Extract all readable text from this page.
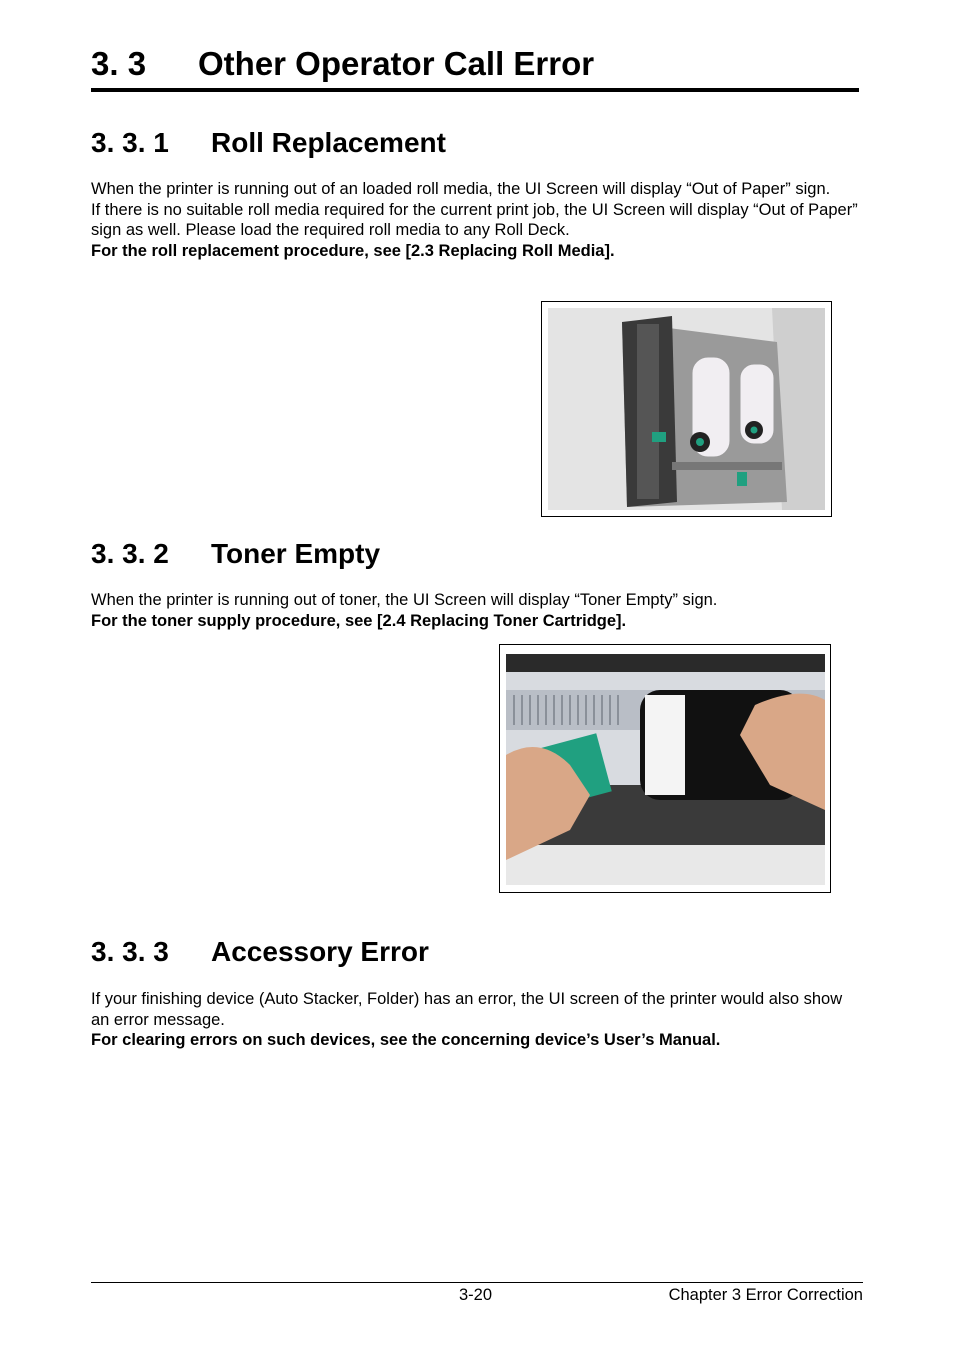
3. 3 Other Operator Call Error
3. 3. 1 Roll Replacement

When the printer is running out of an loaded roll media, the UI Screen will display “Out of Paper” sign.

If there is no suitable roll media required for the current print job, the UI Screen will display “Out of Paper” sign as well. Please load the required roll media to any Roll Deck.

For the roll replacement procedure, see [2.3 Replacing Roll Media].

3. 3. 2 Toner Empty

When the printer is running out of toner, the UI Screen will display “Toner Empty” sign.

For the toner supply procedure, see [2.4 Replacing Toner Cartridge].

3. 3. 3 Accessory Error

If your finishing device (Auto Stacker, Folder) has an error, the UI screen of the printer would also show an error message.

For clearing errors on such devices, see the concerning device’s User’s Manual.

3-20	Chapter 3 Error Correction
